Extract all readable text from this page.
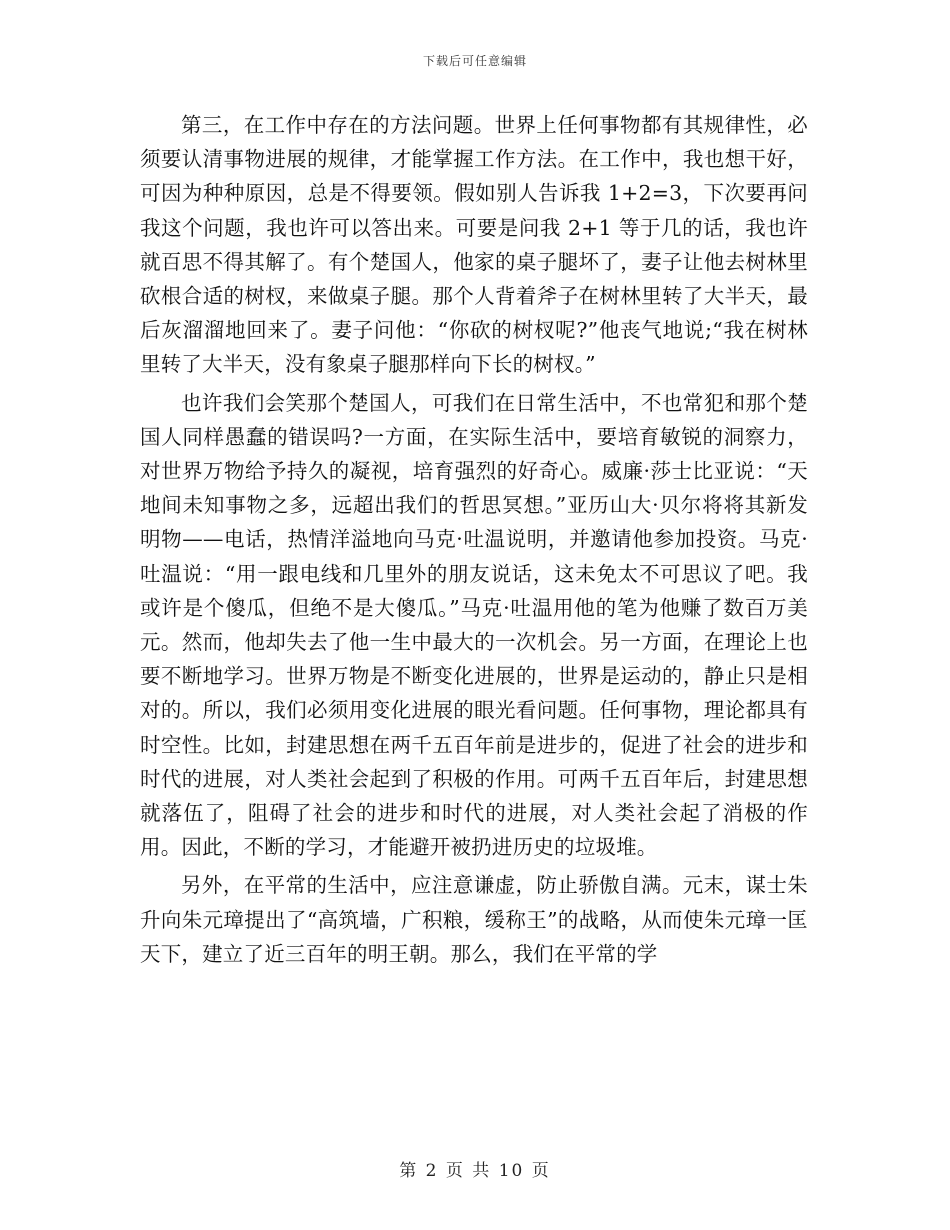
下载后可任意编辑

第三，在工作中存在的方法问题。世界上任何事物都有其规律性，必须要认清事物进展的规律，才能掌握工作方法。在工作中，我也想干好，可因为种种原因，总是不得要领。假如别人告诉我 1+2=3，下次要再问我这个问题，我也许可以答出来。可要是问我 2+1 等于几的话，我也许就百思不得其解了。有个楚国人，他家的桌子腿坏了，妻子让他去树林里砍根合适的树杈，来做桌子腿。那个人背着斧子在树林里转了大半天，最后灰溜溜地回来了。妻子问他：“你砍的树杈呢?”他丧气地说;“我在树林里转了大半天，没有象桌子腿那样向下长的树杈。”

也许我们会笑那个楚国人，可我们在日常生活中，不也常犯和那个楚国人同样愚蠢的错误吗?一方面，在实际生活中，要培育敏锐的洞察力，对世界万物给予持久的凝视，培育强烈的好奇心。威廉·莎士比亚说：“天地间未知事物之多，远超出我们的哲思冥想。”亚历山大·贝尔将将其新发明物——电话，热情洋溢地向马克·吐温说明，并邀请他参加投资。马克·吐温说：“用一跟电线和几里外的朋友说话，这未免太不可思议了吧。我或许是个傻瓜，但绝不是大傻瓜。”马克·吐温用他的笔为他赚了数百万美元。然而，他却失去了他一生中最大的一次机会。另一方面，在理论上也要不断地学习。世界万物是不断变化进展的，世界是运动的，静止只是相对的。所以，我们必须用变化进展的眼光看问题。任何事物，理论都具有时空性。比如，封建思想在两千五百年前是进步的，促进了社会的进步和时代的进展，对人类社会起到了积极的作用。可两千五百年后，封建思想就落伍了，阻碍了社会的进步和时代的进展，对人类社会起了消极的作用。因此，不断的学习，才能避开被扔进历史的垃圾堆。

另外，在平常的生活中，应注意谦虚，防止骄傲自满。元末，谋士朱升向朱元璋提出了“高筑墙，广积粮，缓称王”的战略，从而使朱元璋一匡天下，建立了近三百年的明王朝。那么，我们在平常的学

第 2 页 共 10 页
